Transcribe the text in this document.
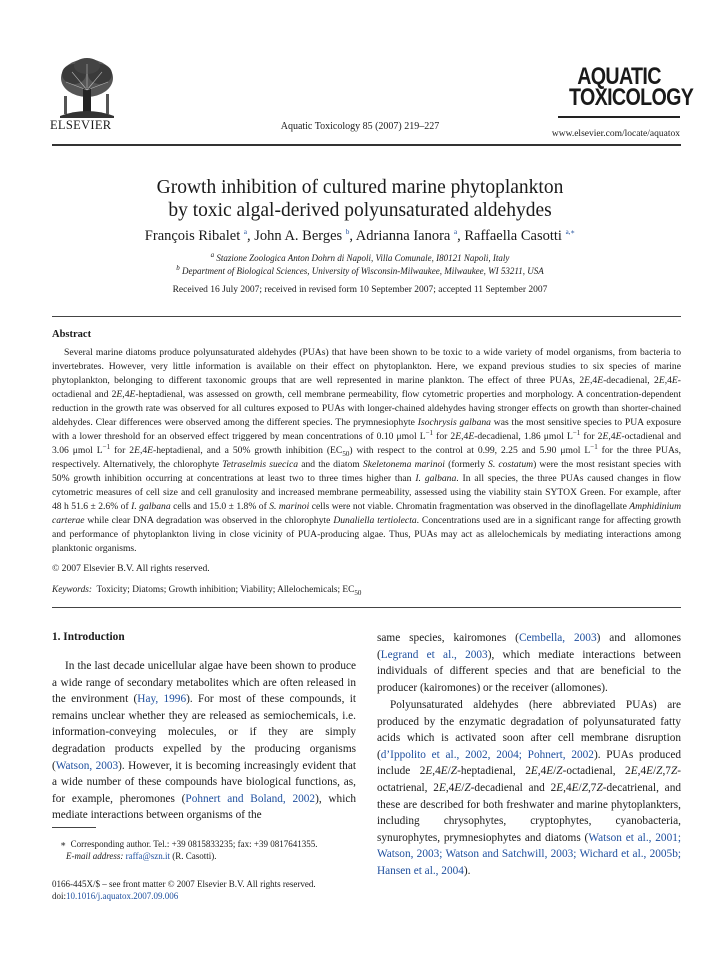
ELSEVIER	Aquatic Toxicology 85 (2007) 219–227
AQUATIC
TOXICOLOGY
www.elsevier.com/locate/aquatox
Growth inhibition of cultured marine phytoplankton
by toxic algal-derived polyunsaturated aldehydes
François Ribalet $^a$, John A. Berges $^b$, Adrianna Ianora $^a$, Raffaella Casotti $^{a,∗}$
$^a$ Stazione Zoologica Anton Dohrn di Napoli, Villa Comunale, I80121 Napoli, Italy
$^b$ Department of Biological Sciences, University of Wisconsin-Milwaukee, Milwaukee, WI 53211, USA
Received 16 July 2007; received in revised form 10 September 2007; accepted 11 September 2007
Abstract

Several marine diatoms produce polyunsaturated aldehydes (PUAs) that have been shown to be toxic to a wide variety of model organisms, from bacteria to invertebrates. However, very little information is available on their effect on phytoplankton. Here, we expand previous studies to six species of marine phytoplankton, belonging to different taxonomic groups that are well represented in marine plankton. The effect of three PUAs, 2E,4E-decadienal, 2E,4E-octadienal and 2E,4E-heptadienal, was assessed on growth, cell membrane permeability, flow cytometric properties and morphology. A concentration-dependent reduction in the growth rate was observed for all cultures exposed to PUAs with longer-chained aldehydes having stronger effects on growth than shorter-chained aldehydes. Clear differences were observed among the different species. The prymnesiophyte Isochrysis galbana was the most sensitive species to PUA exposure with a lower threshold for an observed effect triggered by mean concentrations of 0.10 μmol $L^{-1}$ for 2E,4E-decadienal, 1.86 μmol $L^{-1}$ for 2E,4E-octadienal and 3.06 μmol $L^{-1}$ for 2E,4E-heptadienal, and a 50% growth inhibition $(EC_{50})$ with respect to the control at 0.99, 2.25 and 5.90 μmol $L^{-1}$ for the three PUAs, respectively. Alternatively, the chlorophyte Tetraselmis suecica and the diatom Skeletonema marinoi (formerly S. costatum) were the most resistant species with 50% growth inhibition occurring at concentrations at least two to three times higher than I. galbana. In all species, the three PUAs caused changes in flow cytometric measures of cell size and cell granulosity and increased membrane permeability, assessed using the viability stain SYTOX Green. For example, after 48 h 51.6 ± 2.6% of I. galbana cells and 15.0 ± 1.8% of S. marinoi cells were not viable. Chromatin fragmentation was observed in the dinoflagellate Amphidinium carterae while clear DNA degradation was observed in the chlorophyte Dunaliella tertiolecta. Concentrations used are in a significant range for affecting growth and performance of phytoplankton living in close vicinity of PUA-producing algae. Thus, PUAs may act as allelochemicals by mediating interactions among planktonic organisms.

© 2007 Elsevier B.V. All rights reserved.
Keywords: Toxicity; Diatoms; Growth inhibition; Viability; Allelochemicals; $EC_{50}$
1. Introduction

In the last decade unicellular algae have been shown to produce a wide range of secondary metabolites which are often released in the environment (Hay, 1996). For most of these compounds, it remains unclear whether they are released as semiochemicals, i.e. information-conveying molecules, or if they are simply degradation products expelled by the producing organisms (Watson, 2003). However, it is becoming increasingly evident that a wide number of these compounds have biological functions, as, for example, pheromones (Pohnert and Boland, 2002), which mediate interactions between organisms of the

same species, kairomones (Cembella, 2003) and allomones (Legrand et al., 2003), which mediate interactions between individuals of different species and that are beneficial to the producer (kairomones) or the receiver (allomones).

Polyunsaturated aldehydes (here abbreviated PUAs) are produced by the enzymatic degradation of polyunsaturated fatty acids which is activated soon after cell membrane disruption (d’Ippolito et al., 2002, 2004; Pohnert, 2002). PUAs produced include 2E,4E/Z-heptadienal, 2E,4E/Z-octadienal, 2E,4E/Z,7Z-octatrienal, 2E,4E/Z-decadienal and 2E,4E/Z,7Z-decatrienal, and these are described for both freshwater and marine phytoplankters, including chrysophytes, cryptophytes, cyanobacteria, synurophytes, prymnesiophytes and diatoms (Watson et al., 2001; Watson, 2003; Watson and Satchwill, 2003; Wichard et al., 2005b; Hansen et al., 2004).

∗ Corresponding author. Tel.: +39 0815833235; fax: +39 0817641355.
E-mail address: raffa@szn.it (R. Casotti).
0166-445X/$ – see front matter © 2007 Elsevier B.V. All rights reserved.
doi:10.1016/j.aquatox.2007.09.006
